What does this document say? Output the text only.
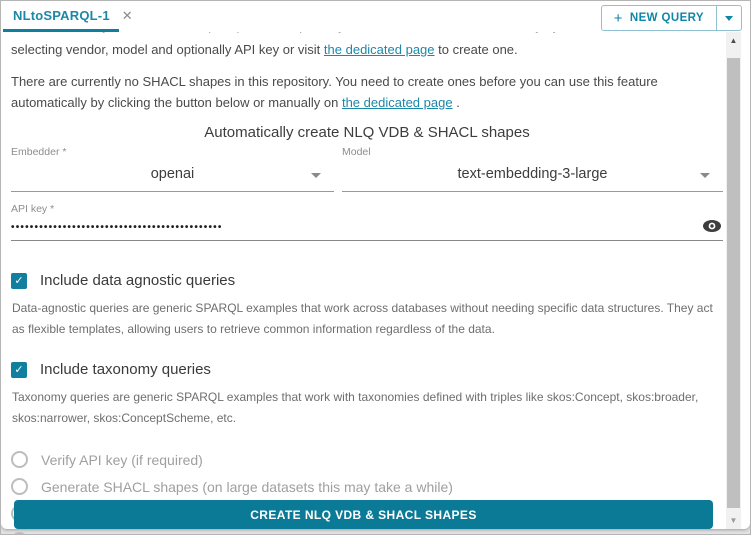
NLtoSPARQL-1 ✕	+ NEW QUERY

selecting vendor, model and optionally API key or visit the dedicated page to create one.

There are currently no SHACL shapes in this repository. You need to create ones before you can use this feature automatically by clicking the button below or manually on the dedicated page .

Automatically create NLQ VDB & SHACL shapes
Embedder *
openai
Model
text-embedding-3-large
API key *
•••••••••••••••••••••••••••••••••••••••••••••
✓ Include data agnostic queries

Data-agnostic queries are generic SPARQL examples that work across databases without needing specific data structures. They act as flexible templates, allowing users to retrieve common information regardless of the data.

✓ Include taxonomy queries

Taxonomy queries are generic SPARQL examples that work with taxonomies defined with triples like skos:Concept, skos:broader, skos:narrower, skos:ConceptScheme, etc.

Verify API key (if required)
Generate SHACL shapes (on large datasets this may take a while)
CREATE NLQ VDB & SHACL SHAPES
▲
▼
